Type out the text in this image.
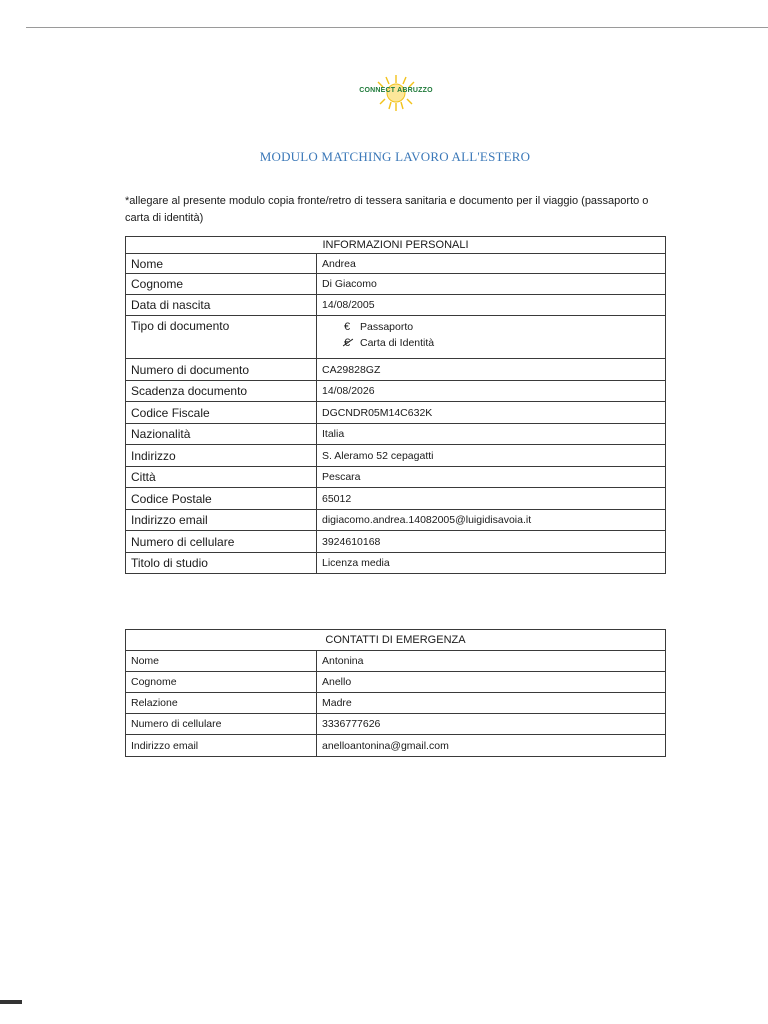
CONNECT ABRUZZO
MODULO MATCHING LAVORO ALL'ESTERO
*allegare al presente modulo copia fronte/retro di tessera sanitaria e documento per il viaggio (passaporto o carta di identità)
INFORMAZIONI PERSONALI	
Nome	Andrea
Cognome	Di Giacomo
Data di nascita	14/08/2005
Tipo di documento	€ Passaporto
€ Carta di Identità

Numero di documento	CA29828GZ
Scadenza documento	14/08/2026
Codice Fiscale	DGCNDR05M14C632K
Nazionalità	Italia
Indirizzo	S. Aleramo 52 cepagatti
Città	Pescara
Codice Postale	65012
Indirizzo email	digiacomo.andrea.14082005@luigidisavoia.it
Numero di cellulare	3924610168
Titolo di studio	Licenza media
CONTATTI DI EMERGENZA	
Nome	Antonina
Cognome	Anello
Relazione	Madre
Numero di cellulare	3336777626
Indirizzo email	anelloantonina@gmail.com
